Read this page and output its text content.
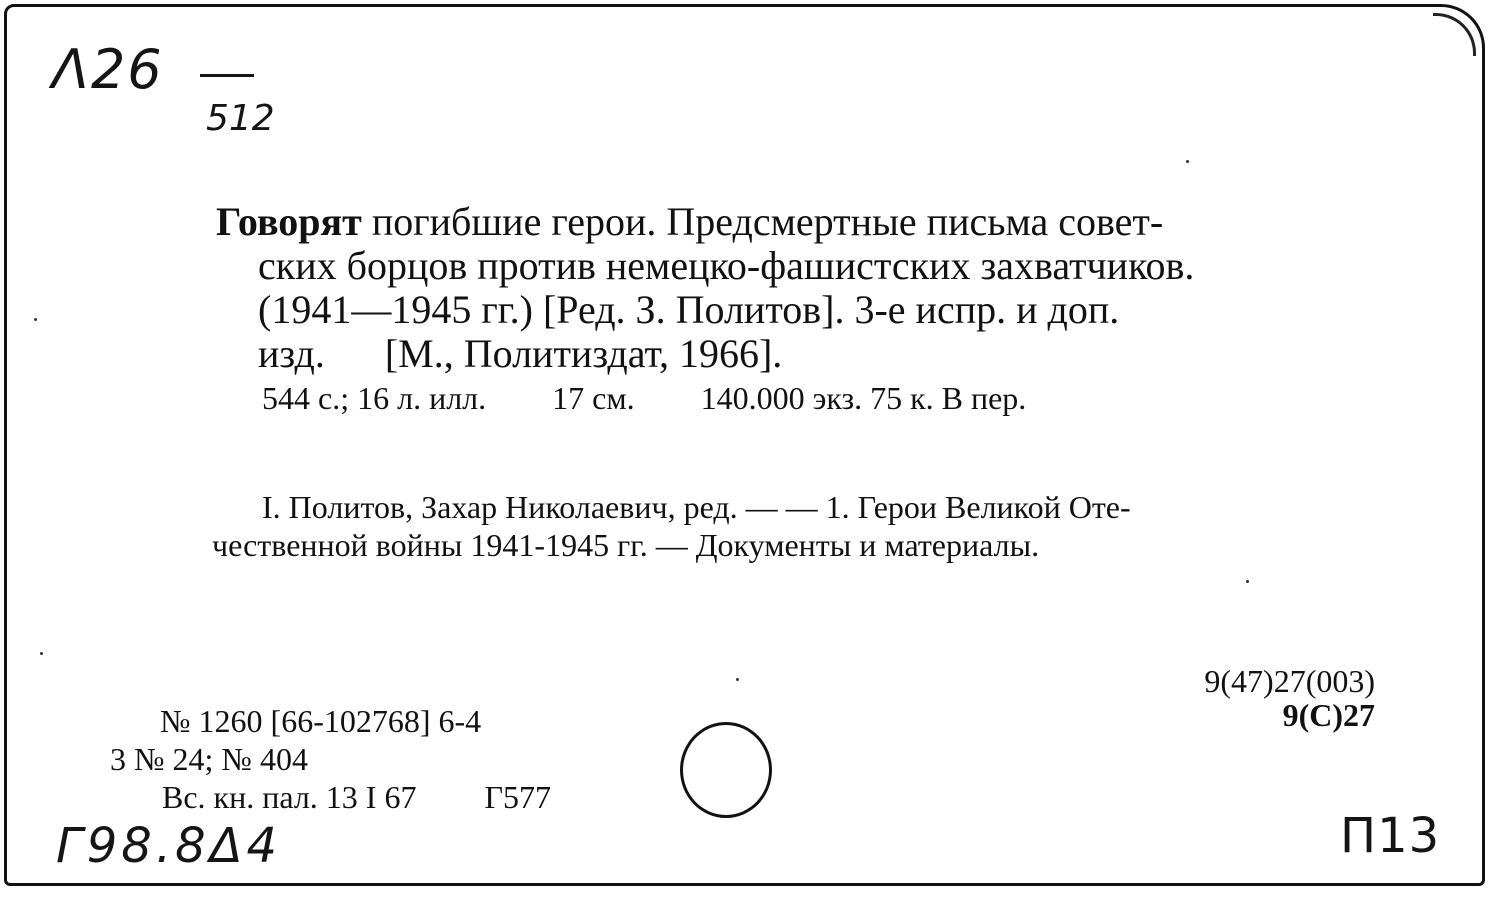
Λ26
512
Говорят погибшие герои. Предсмертные письма совет-
ских борцов против немецко-фашистских захватчиков.
(1941—1945 гг.) [Ред. З. Политов]. 3-е испр. и доп.
изд.      [М., Политиздат, 1966].
544 с.; 16 л. илл. 17 см. 140.000 экз. 75 к. В пер.
I. Политов, Захар Николаевич, ред. — — 1. Герои Великой Оте-
чественной войны 1941-1945 гг. — Документы и материалы.
9(47)27(003)
9(С)27
№ 1260 [66-102768] 6-4
3 № 24; № 404
Вс. кн. пал. 13 I 67 Г577
Г98.8Δ4	П13
